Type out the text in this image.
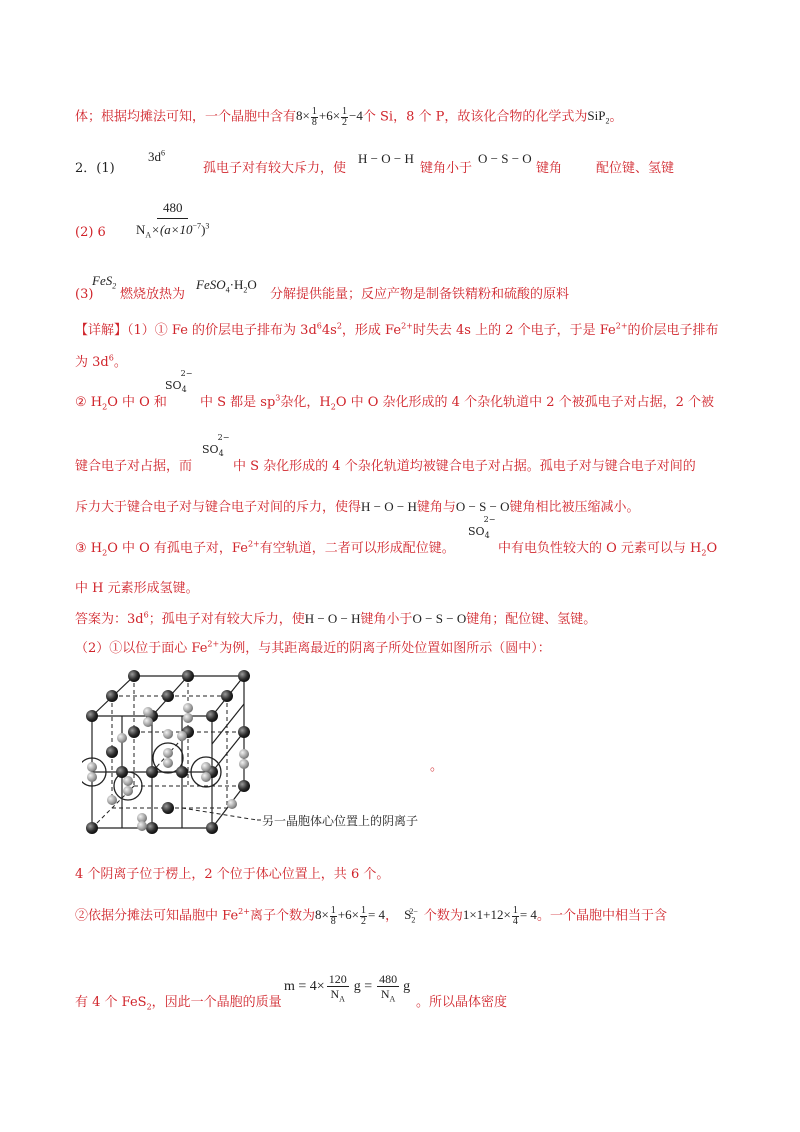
体；根据均摊法可知，一个晶胞中含有$8\times \frac{1}{8} +6\times \frac{1}{2} -4$个 Si，8 个 P，故该化合物的化学式为SiP$_2$。
2．(1)
$3d^6$
孤电子对有较大斥力，使
H − O − H
键角小于
O − S − O
键角	配位键、氢键
(2) $6 \frac{480}{N_A\times(a\times 10^{-7})^3}$
(3)
FeS$_2$
燃烧放热为
$FeSO_4\cdot H_2O$
分解提供能量；反应产物是制备铁精粉和硫酸的原料
【详解】（1）① Fe 的价层电子排布为 $3d^64s^2$，形成 $Fe^{2+}$时失去 4s 上的 2 个电子，于是 $Fe^{2+}$的价层电子排布
为 $3d^6$。
② $H_2O$ 中 O 和
$SO_4^{2-}$
中 S 都是 $sp^3$杂化，$H_2O$ 中 O 杂化形成的 4 个杂化轨道中 2 个被孤电子对占据，2 个被
键合电子对占据，而
$SO_4^{2-}$
中 S 杂化形成的 4 个杂化轨道均被键合电子对占据。孤电子对与键合电子对间的
斥力大于键合电子对与键合电子对间的斥力，使得H − O − H键角与O − S − O键角相比被压缩减小。
③ $H_2O$ 中 O 有孤电子对，$Fe^{2+}$有空轨道，二者可以形成配位键。
$SO_4^{2-}$
中有电负性较大的 O 元素可以与 $H_2O$
中 H 元素形成氢键。
答案为：$3d^6$；孤电子对有较大斥力，使H − O − H键角小于O − S − O键角；配位键、氢键。
（2）①以位于面心 $Fe^{2+}$为例，与其距离最近的阴离子所处位置如图所示（圆中）：
另一晶胞体心位置上的阴离子
。
4 个阴离子位于楞上，2 个位于体心位置上，共 6 个。
②依据分摊法可知晶胞中 $Fe^{2+}$离子个数为$8\times \frac{1}{8} +6\times \frac{1}{2} = 4$， $S_2^{2-}$ 个数为$1\times 1+12\times \frac{1}{4} = 4$。一个晶胞中相当于含
有 4 个 FeS$_2$，因此一个晶胞的质量
$m = 4\times \frac{120}{N_A}$ $g = \frac{480}{N_A}$ g
。所以晶体密度
